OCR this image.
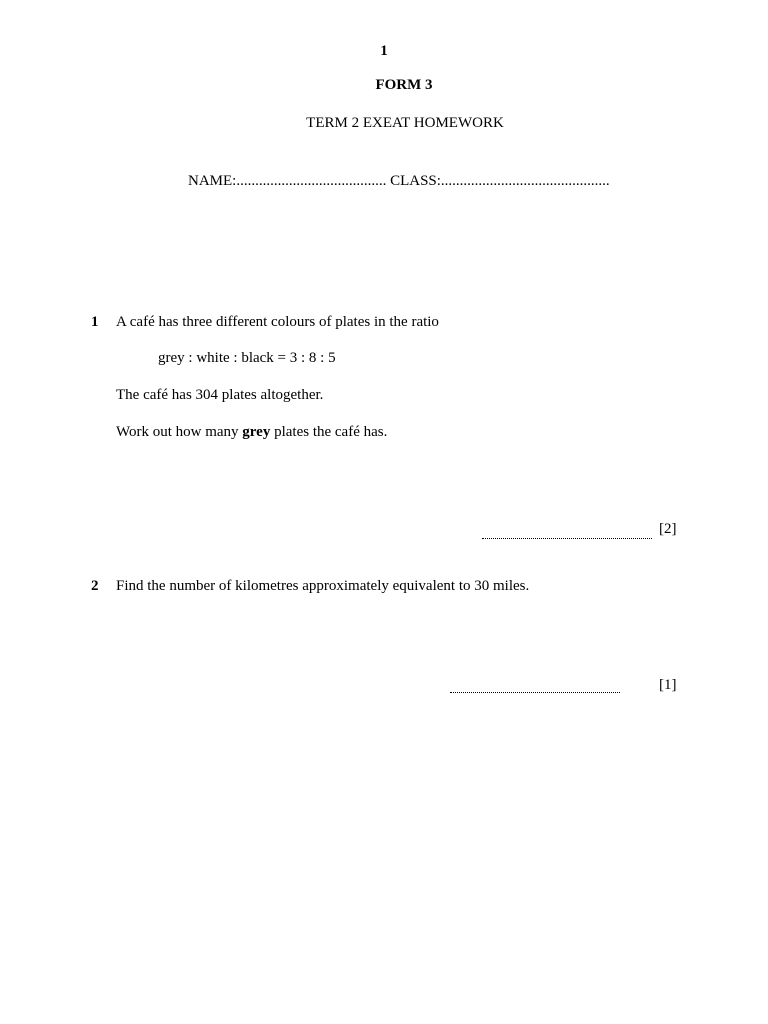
1
FORM 3
TERM 2 EXEAT HOMEWORK
NAME:........................................ CLASS:.............................................
1 A café has three different colours of plates in the ratio
grey : white : black = 3 : 8 : 5
The café has 304 plates altogether.
Work out how many grey plates the café has.
[2]
2 Find the number of kilometres approximately equivalent to 30 miles.
[1]
